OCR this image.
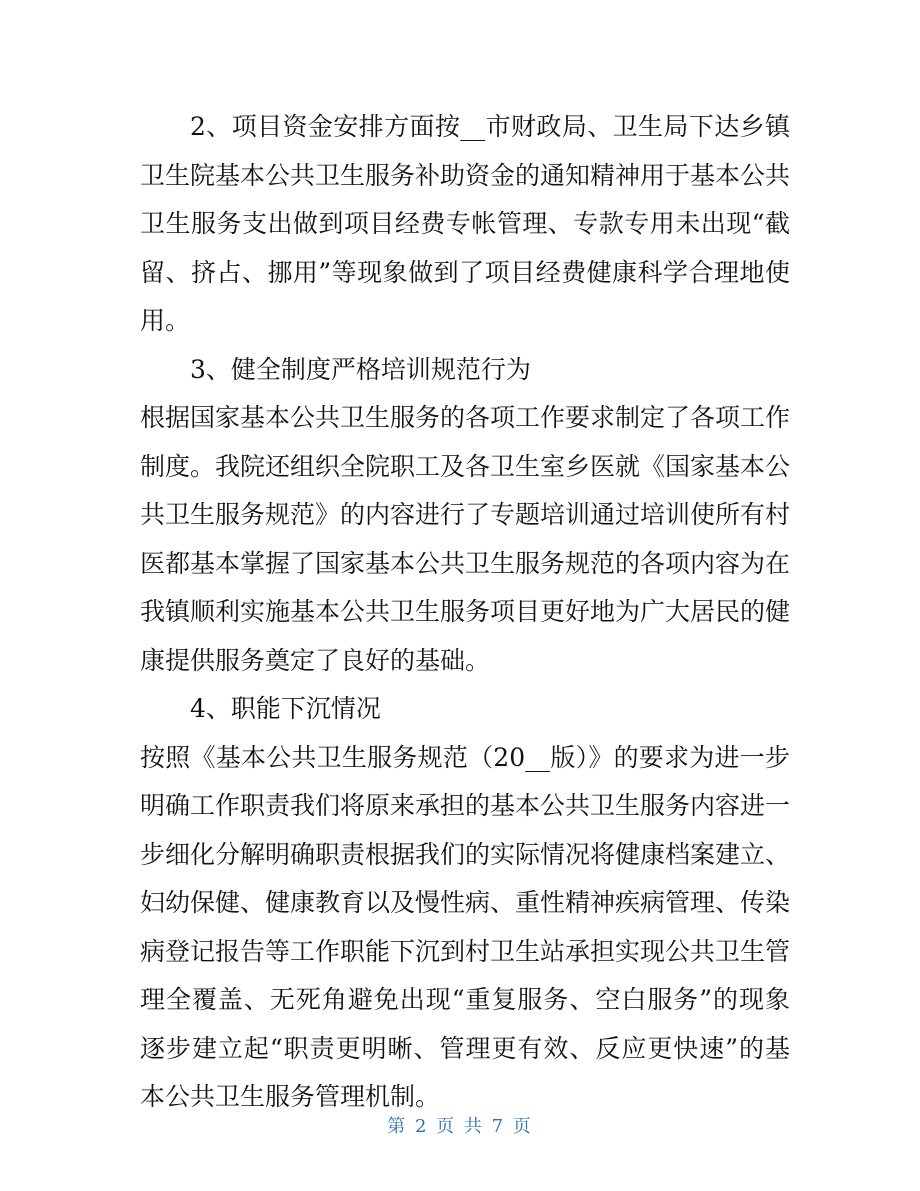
2、项目资金安排方面按__市财政局、卫生局下达乡镇卫生院基本公共卫生服务补助资金的通知精神用于基本公共卫生服务支出做到项目经费专帐管理、专款专用未出现“截留、挤占、挪用”等现象做到了项目经费健康科学合理地使用。

3、健全制度严格培训规范行为

根据国家基本公共卫生服务的各项工作要求制定了各项工作制度。我院还组织全院职工及各卫生室乡医就《国家基本公共卫生服务规范》的内容进行了专题培训通过培训使所有村医都基本掌握了国家基本公共卫生服务规范的各项内容为在我镇顺利实施基本公共卫生服务项目更好地为广大居民的健康提供服务奠定了良好的基础。

4、职能下沉情况

按照《基本公共卫生服务规范（20__版）》的要求为进一步明确工作职责我们将原来承担的基本公共卫生服务内容进一步细化分解明确职责根据我们的实际情况将健康档案建立、妇幼保健、健康教育以及慢性病、重性精神疾病管理、传染病登记报告等工作职能下沉到村卫生站承担实现公共卫生管理全覆盖、无死角避免出现“重复服务、空白服务”的现象逐步建立起“职责更明晰、管理更有效、反应更快速”的基本公共卫生服务管理机制。

第 2 页 共 7 页
